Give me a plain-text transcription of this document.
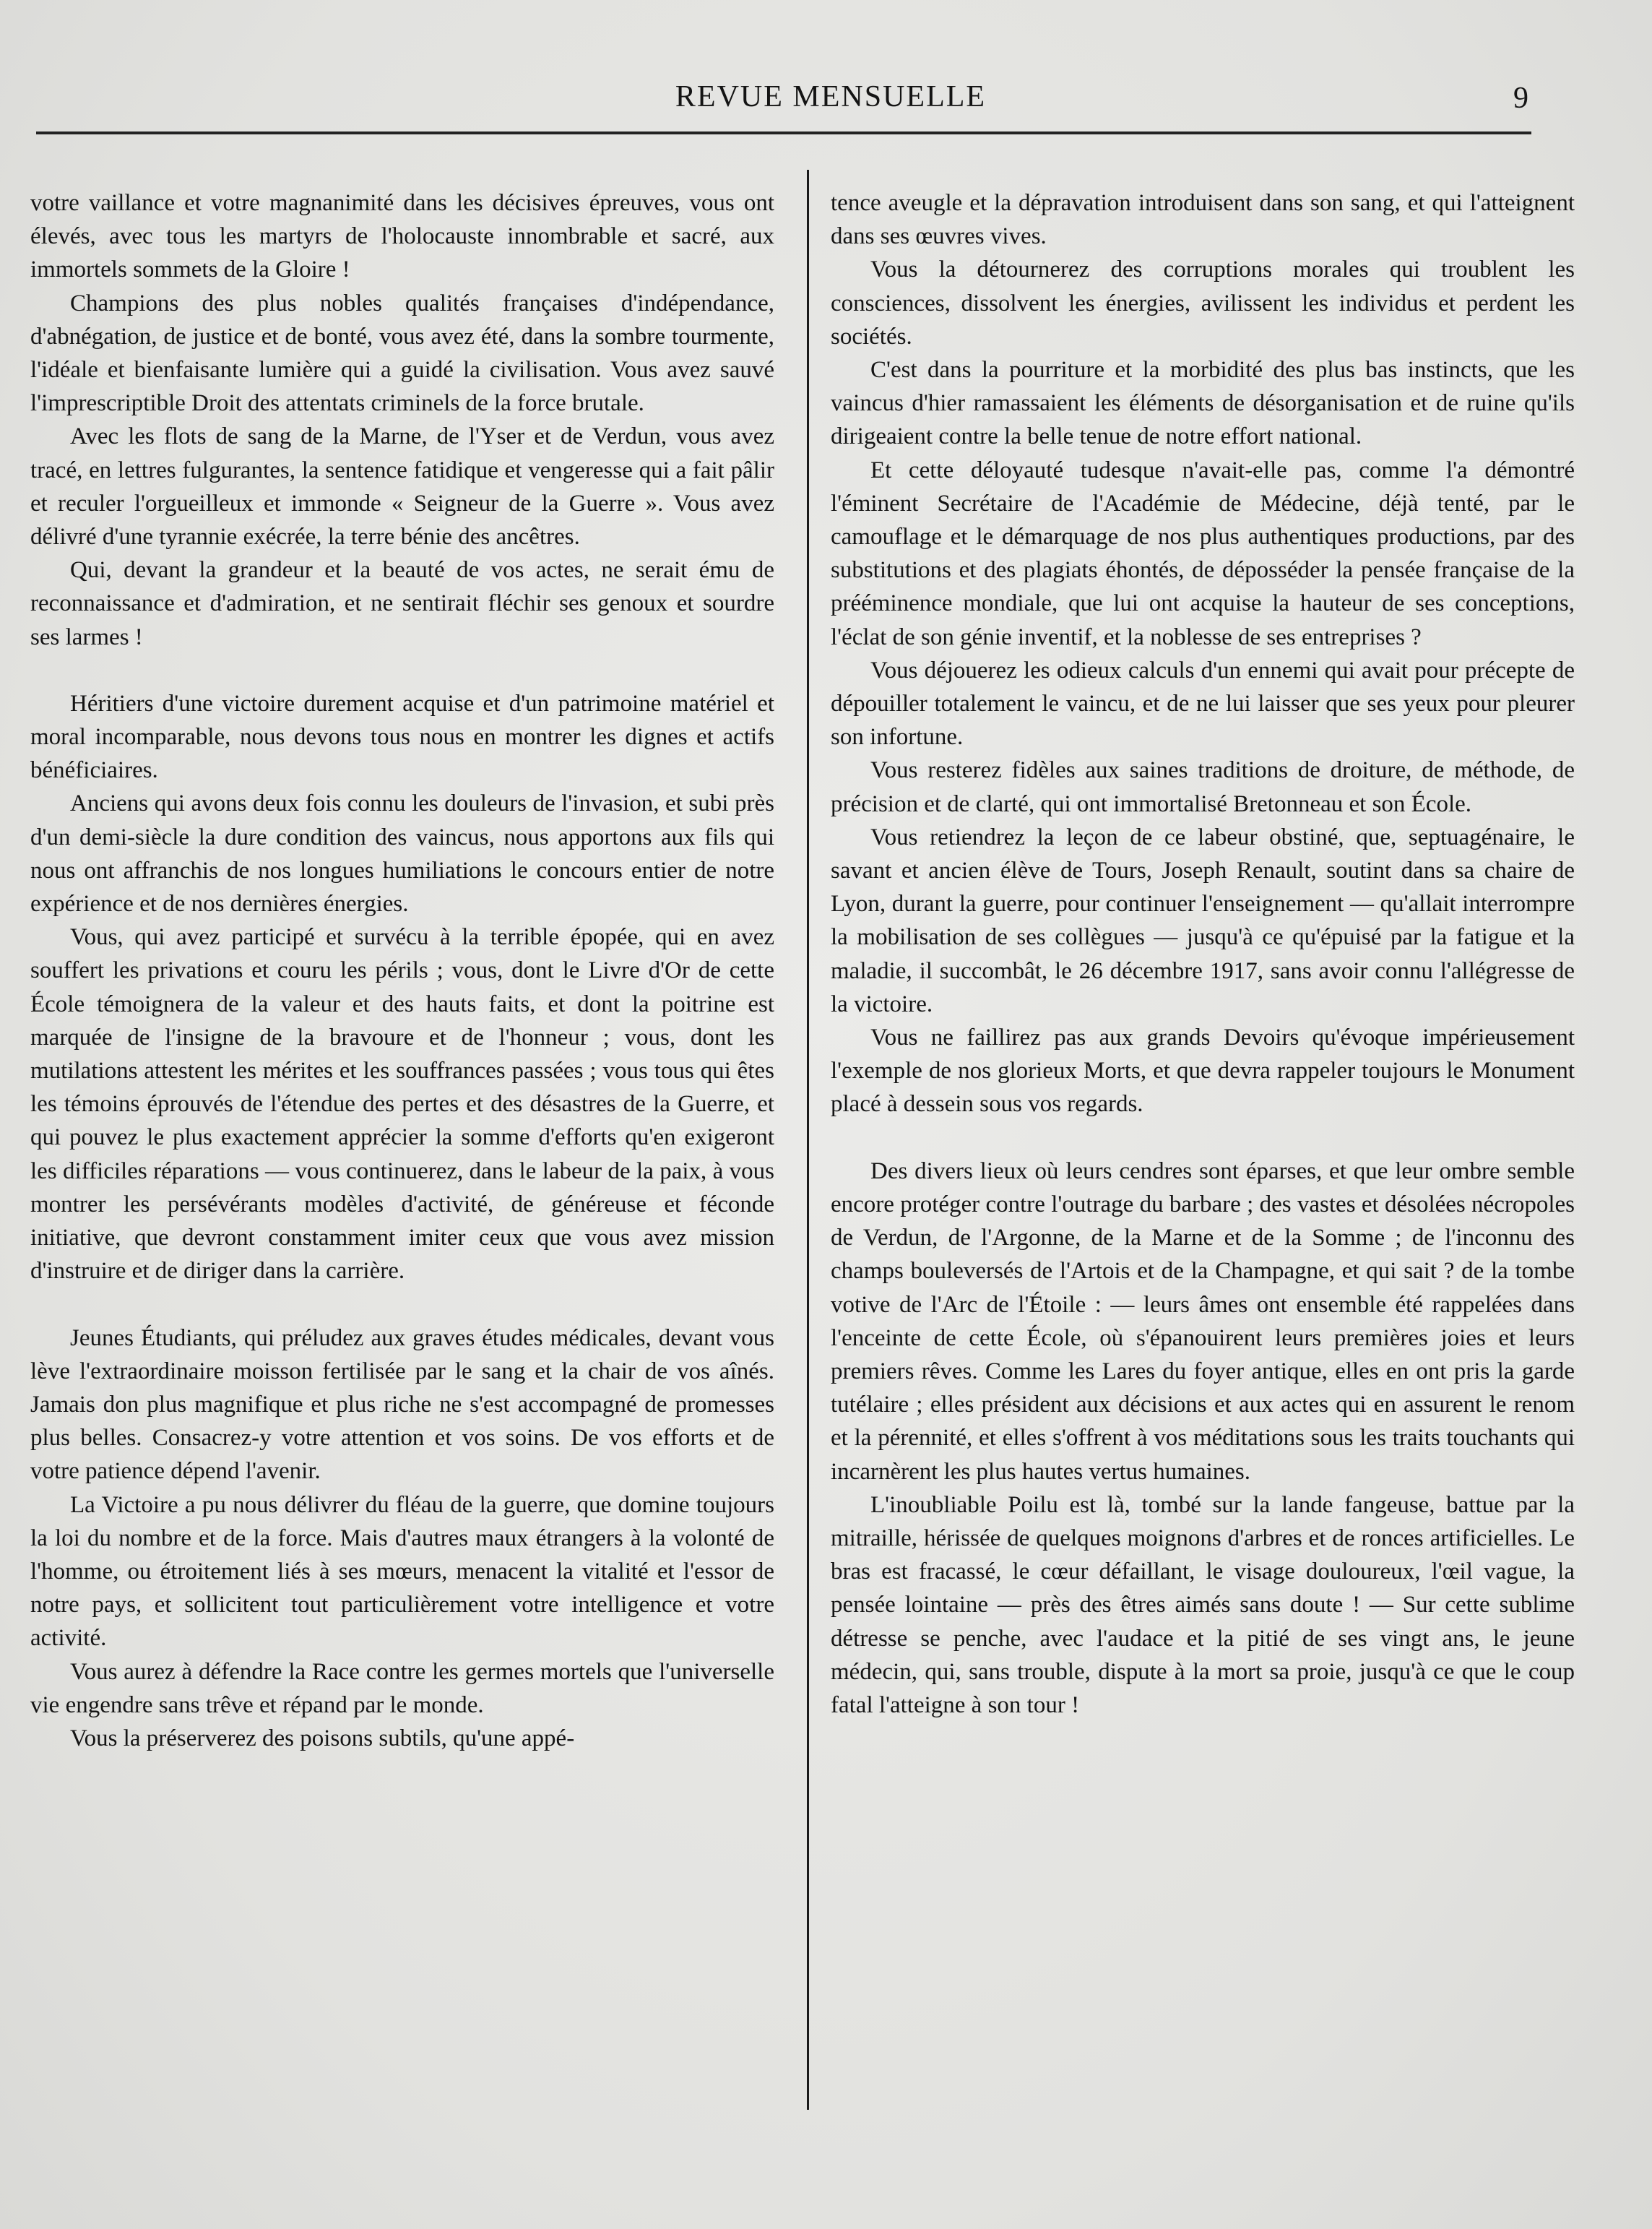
REVUE MENSUELLE	9

votre vaillance et votre magnanimité dans les décisives épreuves, vous ont élevés, avec tous les martyrs de l'holocauste innombrable et sacré, aux immortels sommets de la Gloire !

Champions des plus nobles qualités françaises d'indépendance, d'abnégation, de justice et de bonté, vous avez été, dans la sombre tourmente, l'idéale et bienfaisante lumière qui a guidé la civilisation. Vous avez sauvé l'imprescriptible Droit des attentats criminels de la force brutale.

Avec les flots de sang de la Marne, de l'Yser et de Verdun, vous avez tracé, en lettres fulgurantes, la sentence fatidique et vengeresse qui a fait pâlir et reculer l'orgueilleux et immonde « Seigneur de la Guerre ». Vous avez délivré d'une tyrannie exécrée, la terre bénie des ancêtres.

Qui, devant la grandeur et la beauté de vos actes, ne serait ému de reconnaissance et d'admiration, et ne sentirait fléchir ses genoux et sourdre ses larmes !

Héritiers d'une victoire durement acquise et d'un patrimoine matériel et moral incomparable, nous devons tous nous en montrer les dignes et actifs bénéficiaires.

Anciens qui avons deux fois connu les douleurs de l'invasion, et subi près d'un demi-siècle la dure condition des vaincus, nous apportons aux fils qui nous ont affranchis de nos longues humiliations le concours entier de notre expérience et de nos dernières énergies.

Vous, qui avez participé et survécu à la terrible épopée, qui en avez souffert les privations et couru les périls ; vous, dont le Livre d'Or de cette École témoignera de la valeur et des hauts faits, et dont la poitrine est marquée de l'insigne de la bravoure et de l'honneur ; vous, dont les mutilations attestent les mérites et les souffrances passées ; vous tous qui êtes les témoins éprouvés de l'étendue des pertes et des désastres de la Guerre, et qui pouvez le plus exactement apprécier la somme d'efforts qu'en exigeront les difficiles réparations — vous continuerez, dans le labeur de la paix, à vous montrer les persévérants modèles d'activité, de généreuse et féconde initiative, que devront constamment imiter ceux que vous avez mission d'instruire et de diriger dans la carrière.

Jeunes Étudiants, qui préludez aux graves études médicales, devant vous lève l'extraordinaire moisson fertilisée par le sang et la chair de vos aînés. Jamais don plus magnifique et plus riche ne s'est accompagné de promesses plus belles. Consacrez-y votre attention et vos soins. De vos efforts et de votre patience dépend l'avenir.

La Victoire a pu nous délivrer du fléau de la guerre, que domine toujours la loi du nombre et de la force. Mais d'autres maux étrangers à la volonté de l'homme, ou étroitement liés à ses mœurs, menacent la vitalité et l'essor de notre pays, et sollicitent tout particulièrement votre intelligence et votre activité.

Vous aurez à défendre la Race contre les germes mortels que l'universelle vie engendre sans trêve et répand par le monde.

Vous la préserverez des poisons subtils, qu'une appé-

tence aveugle et la dépravation introduisent dans son sang, et qui l'atteignent dans ses œuvres vives.

Vous la détournerez des corruptions morales qui troublent les consciences, dissolvent les énergies, avilissent les individus et perdent les sociétés.

C'est dans la pourriture et la morbidité des plus bas instincts, que les vaincus d'hier ramassaient les éléments de désorganisation et de ruine qu'ils dirigeaient contre la belle tenue de notre effort national.

Et cette déloyauté tudesque n'avait-elle pas, comme l'a démontré l'éminent Secrétaire de l'Académie de Médecine, déjà tenté, par le camouflage et le démarquage de nos plus authentiques productions, par des substitutions et des plagiats éhontés, de déposséder la pensée française de la prééminence mondiale, que lui ont acquise la hauteur de ses conceptions, l'éclat de son génie inventif, et la noblesse de ses entreprises ?

Vous déjouerez les odieux calculs d'un ennemi qui avait pour précepte de dépouiller totalement le vaincu, et de ne lui laisser que ses yeux pour pleurer son infortune.

Vous resterez fidèles aux saines traditions de droiture, de méthode, de précision et de clarté, qui ont immortalisé Bretonneau et son École.

Vous retiendrez la leçon de ce labeur obstiné, que, septuagénaire, le savant et ancien élève de Tours, Joseph Renault, soutint dans sa chaire de Lyon, durant la guerre, pour continuer l'enseignement — qu'allait interrompre la mobilisation de ses collègues — jusqu'à ce qu'épuisé par la fatigue et la maladie, il succombât, le 26 décembre 1917, sans avoir connu l'allégresse de la victoire.

Vous ne faillirez pas aux grands Devoirs qu'évoque impérieusement l'exemple de nos glorieux Morts, et que devra rappeler toujours le Monument placé à dessein sous vos regards.

Des divers lieux où leurs cendres sont éparses, et que leur ombre semble encore protéger contre l'outrage du barbare ; des vastes et désolées nécropoles de Verdun, de l'Argonne, de la Marne et de la Somme ; de l'inconnu des champs bouleversés de l'Artois et de la Champagne, et qui sait ? de la tombe votive de l'Arc de l'Étoile : — leurs âmes ont ensemble été rappelées dans l'enceinte de cette École, où s'épanouirent leurs premières joies et leurs premiers rêves. Comme les Lares du foyer antique, elles en ont pris la garde tutélaire ; elles président aux décisions et aux actes qui en assurent le renom et la pérennité, et elles s'offrent à vos méditations sous les traits touchants qui incarnèrent les plus hautes vertus humaines.

L'inoubliable Poilu est là, tombé sur la lande fangeuse, battue par la mitraille, hérissée de quelques moignons d'arbres et de ronces artificielles. Le bras est fracassé, le cœur défaillant, le visage douloureux, l'œil vague, la pensée lointaine — près des êtres aimés sans doute ! — Sur cette sublime détresse se penche, avec l'audace et la pitié de ses vingt ans, le jeune médecin, qui, sans trouble, dispute à la mort sa proie, jusqu'à ce que le coup fatal l'atteigne à son tour !
